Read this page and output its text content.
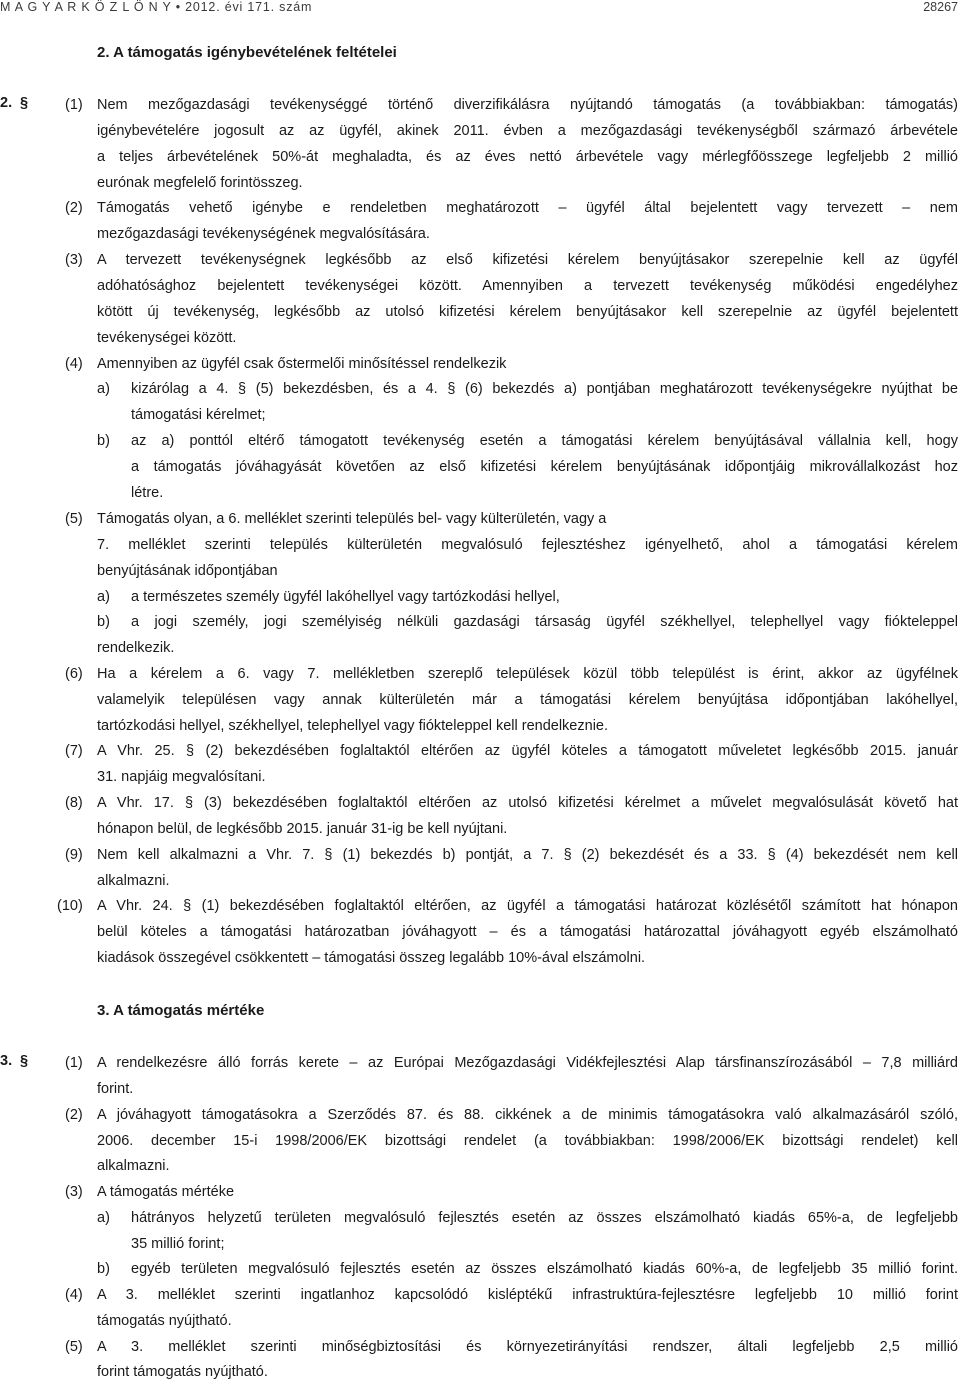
M A G Y A R K Ö Z L Ö N Y • 2012. évi 171. szám	28267
2. A támogatás igénybevételének feltételei
2. §	(1) Nem mezőgazdasági tevékenységgé történő diverzifikálásra nyújtandó támogatás (a továbbiakban: támogatás)
igénybevételére jogosult az az ügyfél, akinek 2011. évben a mezőgazdasági tevékenységből származó árbevétele
a teljes árbevételének 50%-át meghaladta, és az éves nettó árbevétele vagy mérlegfőösszege legfeljebb 2 millió
eurónak megfelelő forintösszeg.
(2) Támogatás vehető igénybe e rendeletben meghatározott – ügyfél által bejelentett vagy tervezett – nem
mezőgazdasági tevékenységének megvalósítására.
(3) A tervezett tevékenységnek legkésőbb az első kifizetési kérelem benyújtásakor szerepelnie kell az ügyfél
adóhatósághoz bejelentett tevékenységei között. Amennyiben a tervezett tevékenység működési engedélyhez
kötött új tevékenység, legkésőbb az utolsó kifizetési kérelem benyújtásakor kell szerepelnie az ügyfél bejelentett
tevékenységei között.
(4) Amennyiben az ügyfél csak őstermelői minősítéssel rendelkezik
a) kizárólag a 4. § (5) bekezdésben, és a 4. § (6) bekezdés a) pontjában meghatározott tevékenységekre nyújthat be
támogatási kérelmet;
b) az a) ponttól eltérő támogatott tevékenység esetén a támogatási kérelem benyújtásával vállalnia kell, hogy
a támogatás jóváhagyását követően az első kifizetési kérelem benyújtásának időpontjáig mikrovállalkozást hoz
létre.
(5) Támogatás olyan, a 6. melléklet szerinti település bel- vagy külterületén, vagy a
7. melléklet szerinti település külterületén megvalósuló fejlesztéshez igényelhető, ahol a támogatási kérelem
benyújtásának időpontjában
a) a természetes személy ügyfél lakóhellyel vagy tartózkodási hellyel,
b) a jogi személy, jogi személyiség nélküli gazdasági társaság ügyfél székhellyel, telephellyel vagy fiókteleppel
rendelkezik.
(6) Ha a kérelem a 6. vagy 7. mellékletben szereplő települések közül több települést is érint, akkor az ügyfélnek
valamelyik településen vagy annak külterületén már a támogatási kérelem benyújtása időpontjában lakóhellyel,
tartózkodási hellyel, székhellyel, telephellyel vagy fiókteleppel kell rendelkeznie.
(7) A Vhr. 25. § (2) bekezdésében foglaltaktól eltérően az ügyfél köteles a támogatott műveletet legkésőbb 2015. január
31. napjáig megvalósítani.
(8) A Vhr. 17. § (3) bekezdésében foglaltaktól eltérően az utolsó kifizetési kérelmet a művelet megvalósulását követő hat
hónapon belül, de legkésőbb 2015. január 31-ig be kell nyújtani.
(9) Nem kell alkalmazni a Vhr. 7. § (1) bekezdés b) pontját, a 7. § (2) bekezdését és a 33. § (4) bekezdését nem kell
alkalmazni.
(10) A Vhr. 24. § (1) bekezdésében foglaltaktól eltérően, az ügyfél a támogatási határozat közlésétől számított hat hónapon
belül köteles a támogatási határozatban jóváhagyott – és a támogatási határozattal jóváhagyott egyéb elszámolható
kiadások összegével csökkentett – támogatási összeg legalább 10%-ával elszámolni.
3. A támogatás mértéke
3. §	(1) A rendelkezésre álló forrás kerete – az Európai Mezőgazdasági Vidékfejlesztési Alap társfinanszírozásából – 7,8 milliárd
forint.
(2) A jóváhagyott támogatásokra a Szerződés 87. és 88. cikkének a de minimis támogatásokra való alkalmazásáról szóló,
2006. december 15-i 1998/2006/EK bizottsági rendelet (a továbbiakban: 1998/2006/EK bizottsági rendelet) kell
alkalmazni.
(3) A támogatás mértéke
a) hátrányos helyzetű területen megvalósuló fejlesztés esetén az összes elszámolható kiadás 65%-a, de legfeljebb
35 millió forint;
b) egyéb területen megvalósuló fejlesztés esetén az összes elszámolható kiadás 60%-a, de legfeljebb 35 millió forint.
(4) A 3. melléklet szerinti ingatlanhoz kapcsolódó kisléptékű infrastruktúra-fejlesztésre legfeljebb 10 millió forint
támogatás nyújtható.
(5) A 3. melléklet szerinti minőségbiztosítási és környezetirányítási rendszer, általi legfeljebb 2,5 millió
forint támogatás nyújtható.
